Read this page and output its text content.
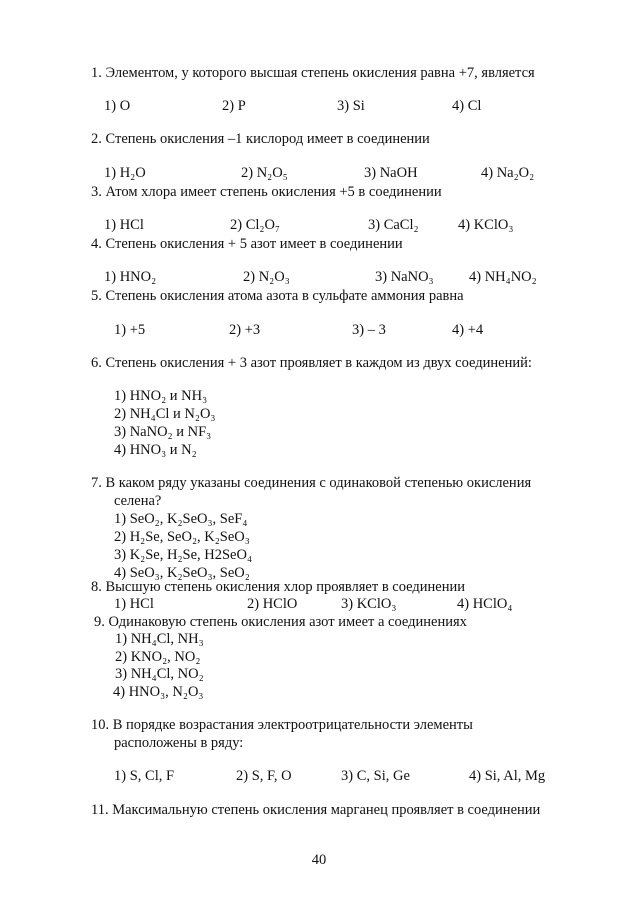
1. Элементом, у которого высшая степень окисления равна +7, является
1) O	2) P	3) Si	4) Cl
2. Степень окисления –1 кислород имеет в соединении
1) H₂O	2) N₂O₅	3) NaOH	4) Na₂O₂
3. Атом хлора имеет степень окисления +5 в соединении
1) HCl	2) Cl₂O₇	3) CaCl₂	4) KClO₃
4. Степень окисления + 5 азот имеет в соединении
1) HNO₂	2) N₂O₃	3) NaNO₃ 4) NH₄NO₂
5. Степень окисления атома азота в сульфате аммония равна
1) +5	2) +3	3) – 3	4) +4
6. Степень окисления + 3 азот проявляет в каждом из двух соединений:
1) HNO₂ и NH₃
2) NH₄Cl и N₂O₃
3) NaNO₂ и NF₃
4) HNO₃ и N₂
7. В каком ряду указаны соединения с одинаковой степенью окисления
селена?
1) SeO₂, K₂SeO₃, SeF₄
2) H₂Se, SeO₂, K₂SeO₃
3) K₂Se, H₂Se, H2SeO₄
4) SeO₃, K₂SeO₃, SeO₂
8. Высшую степень окисления хлор проявляет в соединении
1) HCl	2) HClO	3) KClO₃	4) HClO₄
9. Одинаковую степень окисления азот имеет а соединениях
1) NH₄Cl, NH₃
2) KNO₂, NO₂
3) NH₄Cl, NO₂
4) HNO₃, N₂O₃
10. В порядке возрастания электроотрицательности элементы
расположены в ряду:
1) S, Cl, F	2) S, F, O	3) C, Si, Ge	4) Si, Al, Mg
11. Максимальную степень окисления марганец проявляет в соединении
40
